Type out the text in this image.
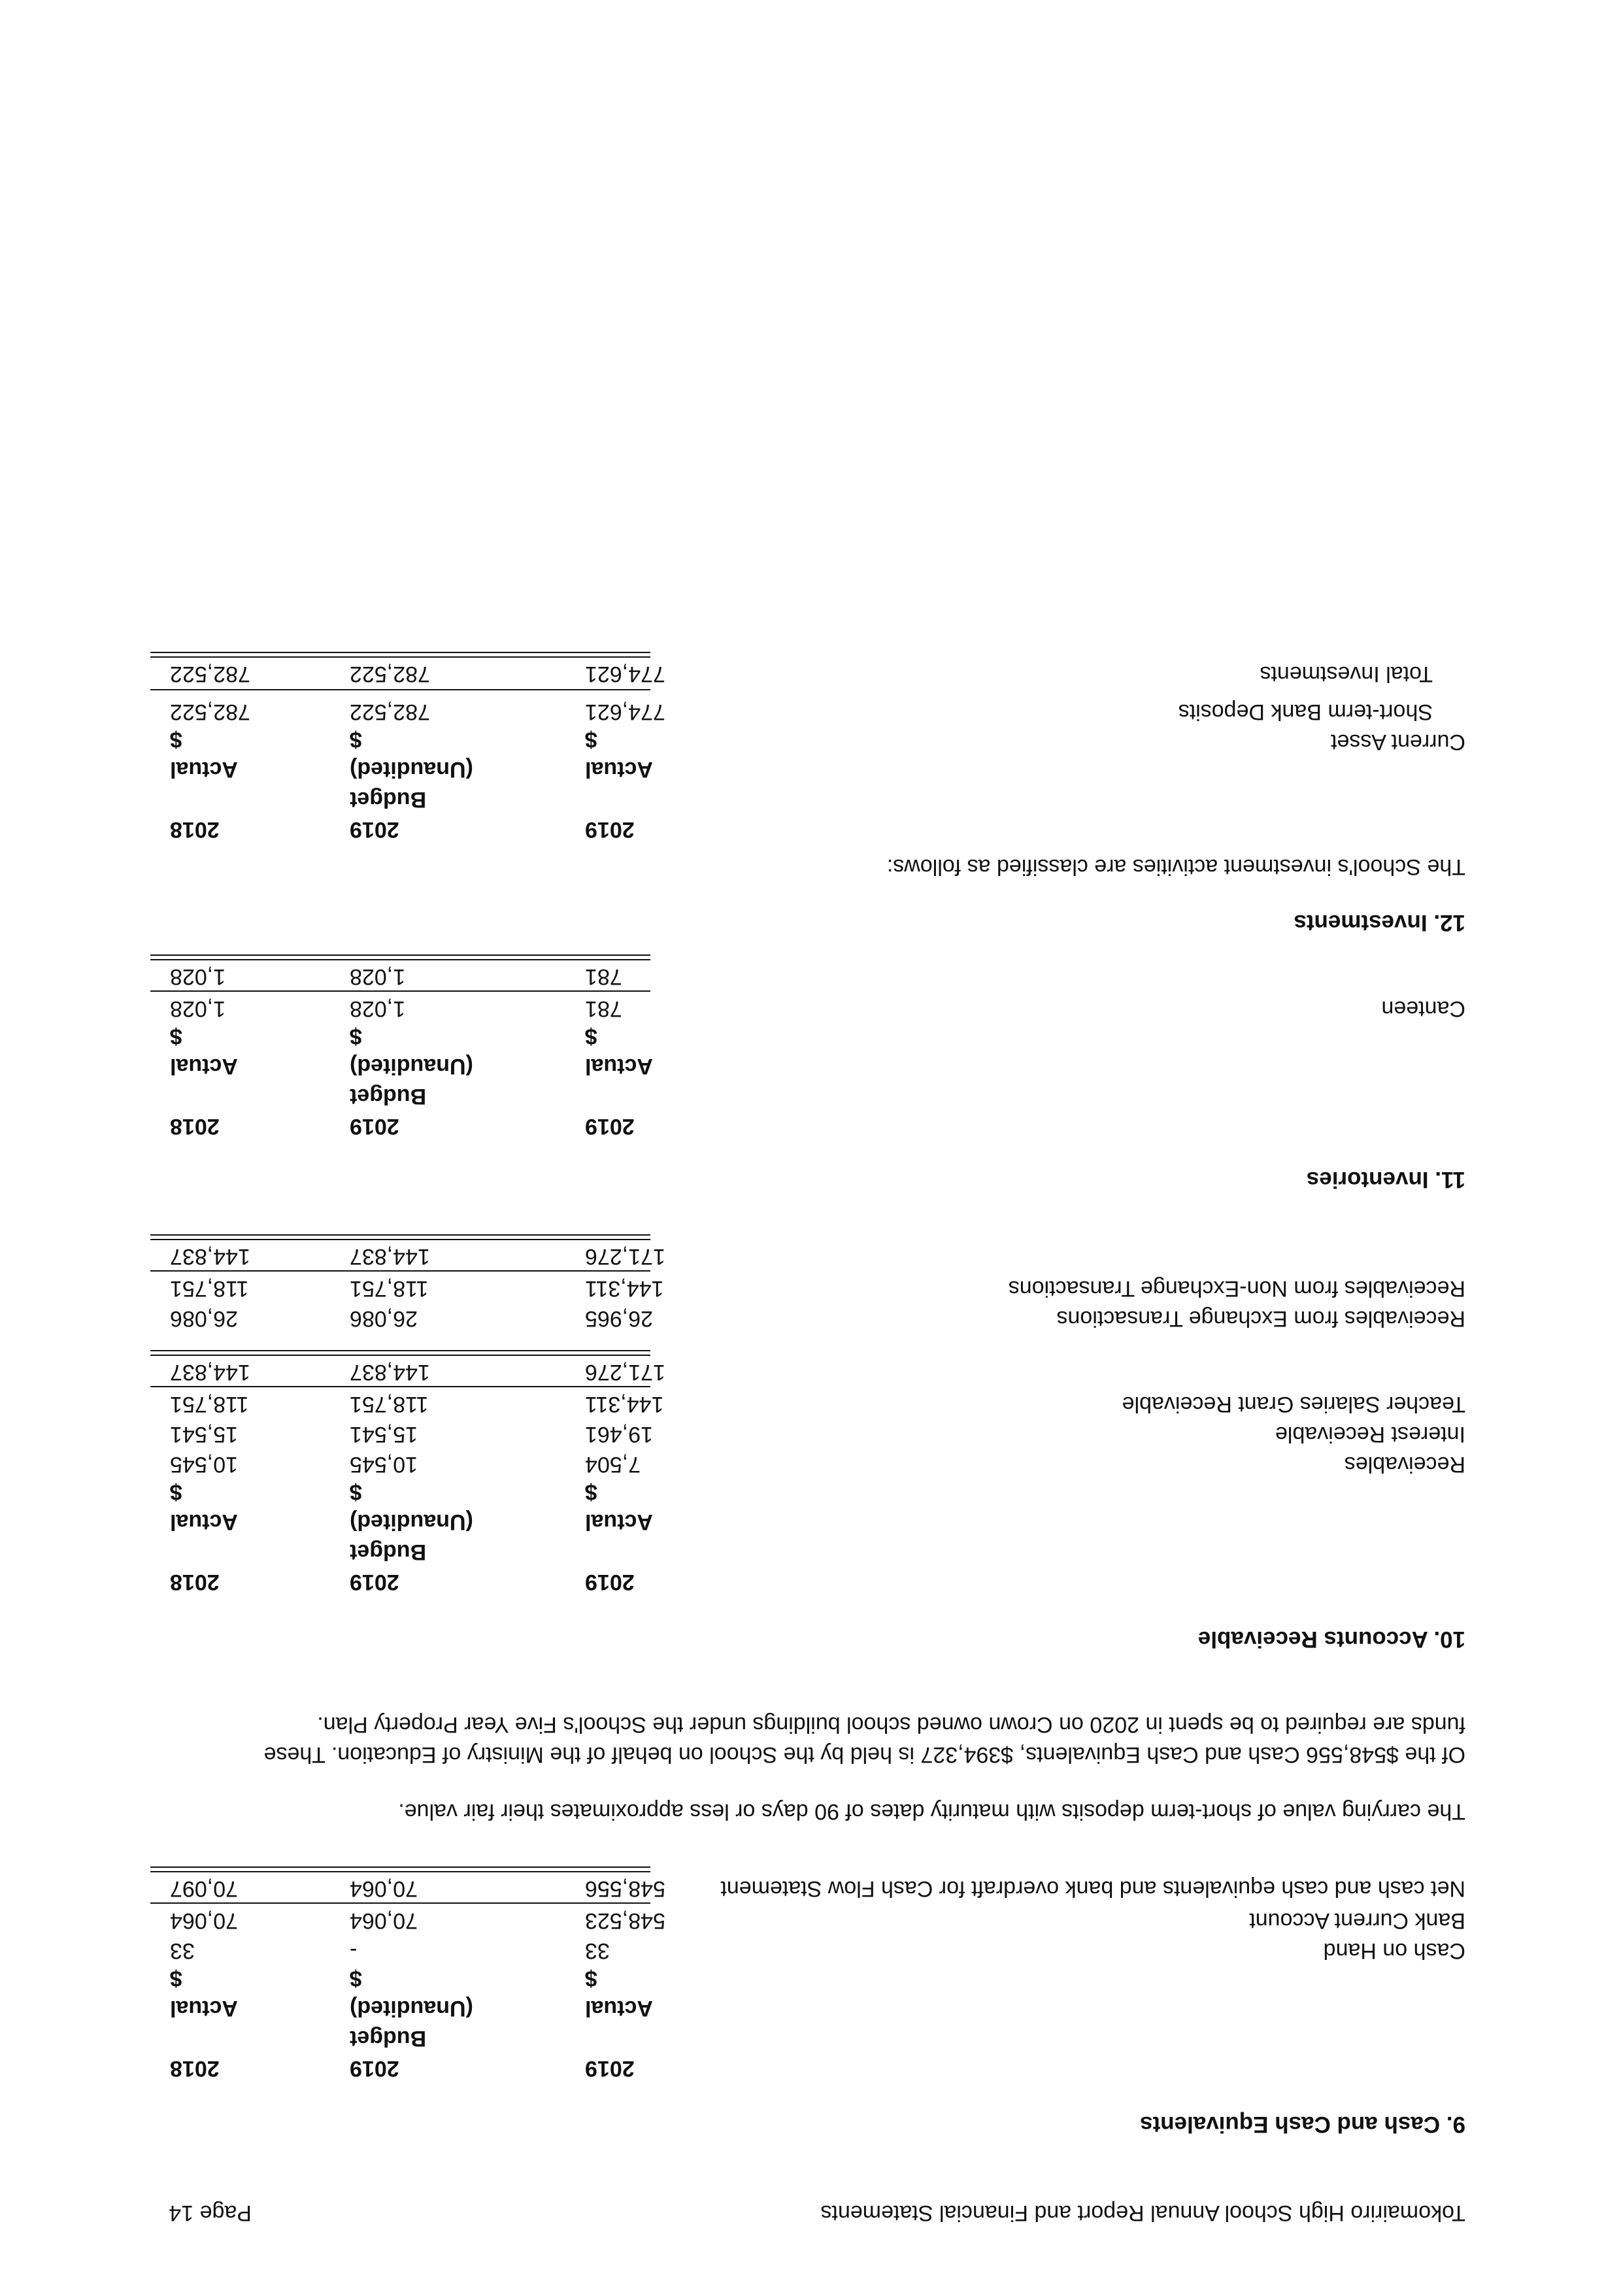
Tokomairiro High School Annual Report and Financial Statements
Page 14
9. Cash and Cash Equivalents
2019

Actual
$
2019
Budget
(Unaudited)
$
2018

Actual
$
Cash on Hand
33
-
33
Bank Current Account
548,523
70,064
70,064
Net cash and cash equivalents and bank overdraft for Cash Flow Statement
548,556
70,064
70,097
The carrying value of short-term deposits with maturity dates of 90 days or less approximates their fair value.
Of the $548,556 Cash and Cash Equivalents, $394,327 is held by the School on behalf of the Ministry of Education. These
funds are required to be spent in 2020 on Crown owned school buildings under the School's Five Year Property Plan.
10. Accounts Receivable
2019

Actual
$
2019
Budget
(Unaudited)
$
2018

Actual
$
Receivables
7,504
10,545
10,545
Interest Receivable
19,461
15,541
15,541
Teacher Salaries Grant Receivable
144,311
118,751
118,751
171,276
144,837
144,837
Receivables from Exchange Transactions
26,965
26,086
26,086
Receivables from Non-Exchange Transactions
144,311
118,751
118,751
171,276
144,837
144,837
11. Inventories
2019

Actual
$
2019
Budget
(Unaudited)
$
2018

Actual
$
Canteen
781
1,028
1,028
781
1,028
1,028
12. Investments
The School's investment activities are classified as follows:
2019

Actual
$
2019
Budget
(Unaudited)
$
2018

Actual
$	Current Asset
Short-term Bank Deposits
774,621
782,522
782,522
Total Investments
774,621
782,522
782,522
